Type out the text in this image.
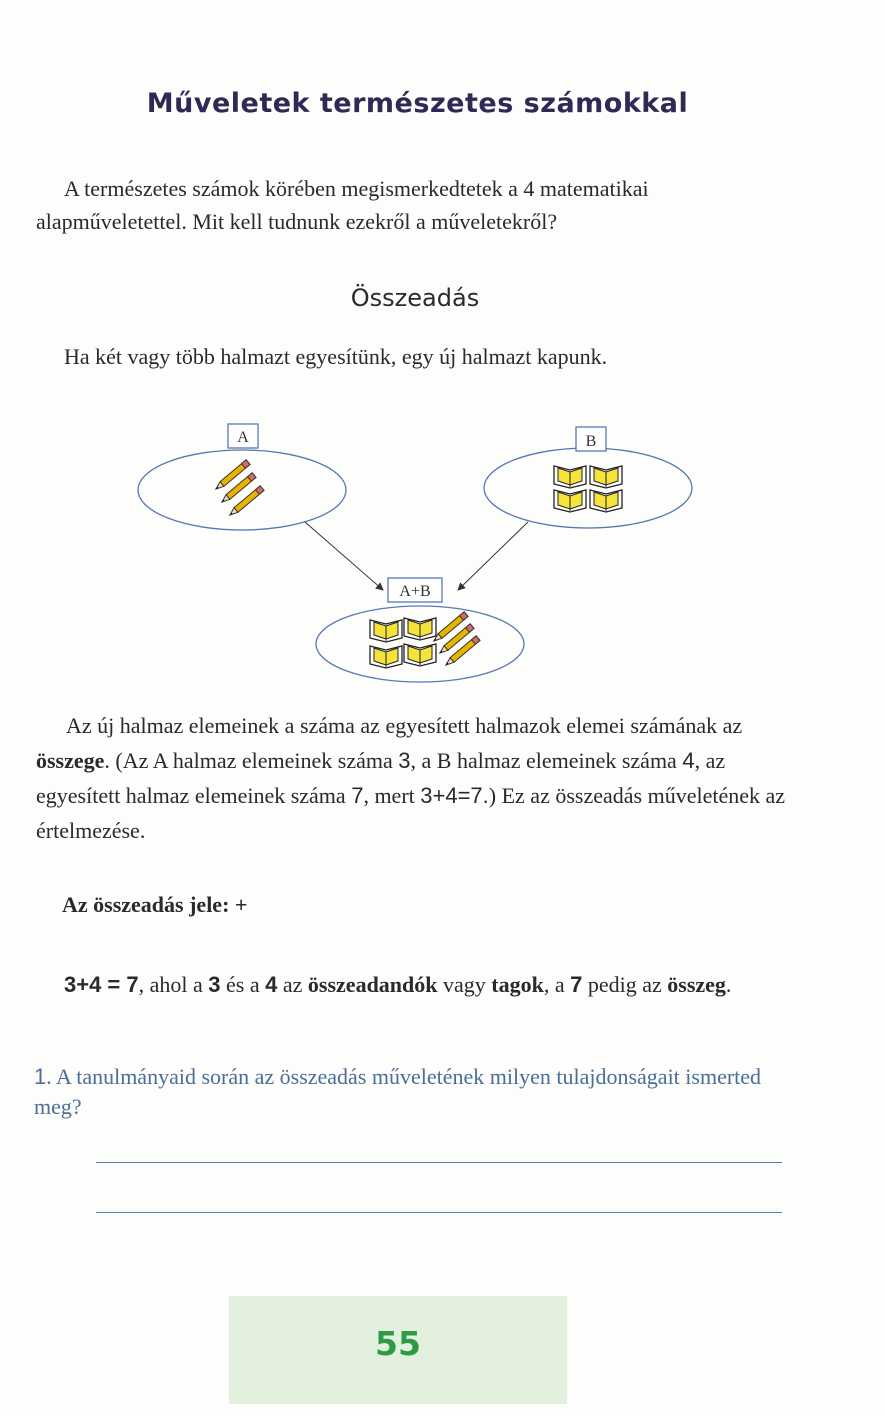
Műveletek természetes számokkal
A természetes számok körében megismerkedtetek a 4 matematikai alapműveletettel. Mit kell tudnunk ezekről a műveletekről?
Összeadás
Ha két vagy több halmazt egyesítünk, egy új halmazt kapunk.
A	B
A+B
Az új halmaz elemeinek a száma az egyesített halmazok elemei számának az összege. (Az A halmaz elemeinek száma 3, a B halmaz elemeinek száma 4, az egyesített halmaz elemeinek száma 7, mert 3+4=7.) Ez az összeadás műveletének az értelmezése.
Az összeadás jele: +
3+4 = 7, ahol a 3 és a 4 az összeadandók vagy tagok, a 7 pedig az összeg.
1. A tanulmányaid során az összeadás műveletének milyen tulajdonságait ismerted meg?
55
